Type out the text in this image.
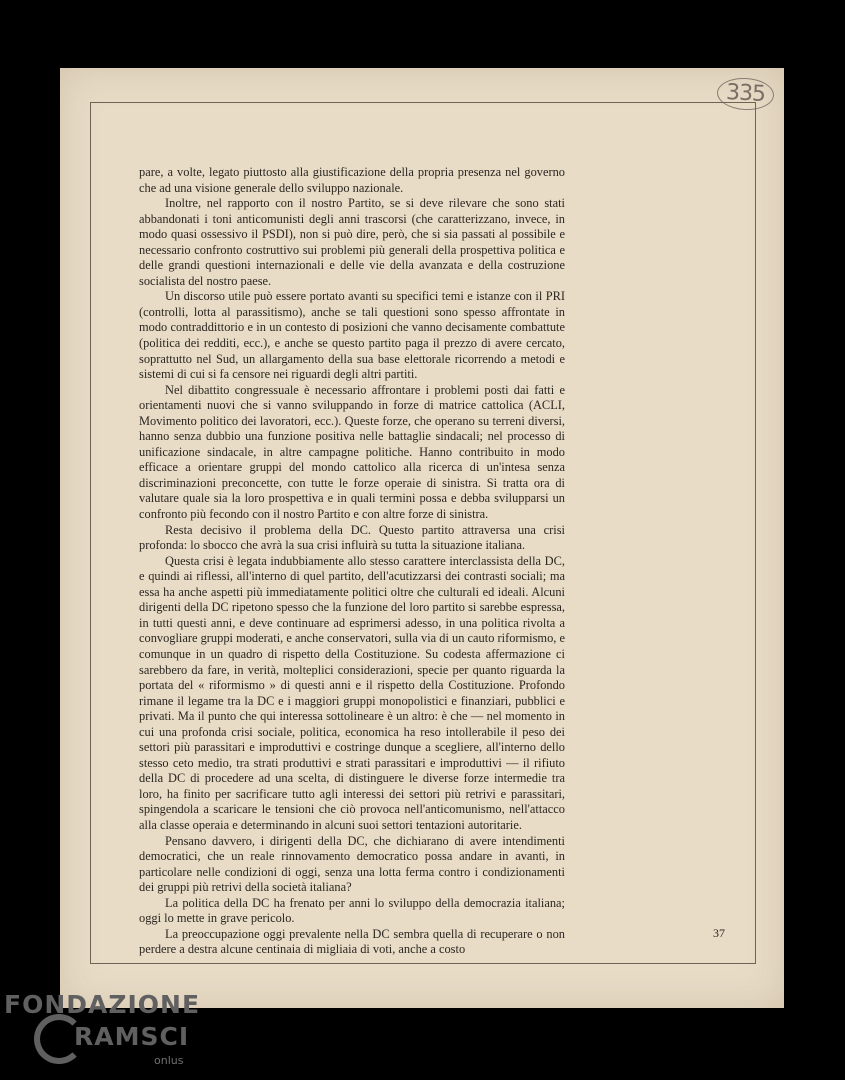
335

pare, a volte, legato piuttosto alla giustificazione della propria presenza nel governo che ad una visione generale dello sviluppo nazionale.

Inoltre, nel rapporto con il nostro Partito, se si deve rilevare che sono stati abbandonati i toni anticomunisti degli anni trascorsi (che caratterizzano, invece, in modo quasi ossessivo il PSDI), non si può dire, però, che si sia passati al possibile e necessario confronto costruttivo sui problemi più generali della prospettiva politica e delle grandi questioni internazionali e delle vie della avanzata e della costruzione socialista del nostro paese.

Un discorso utile può essere portato avanti su specifici temi e istanze con il PRI (controlli, lotta al parassitismo), anche se tali questioni sono spesso affrontate in modo contraddittorio e in un contesto di posizioni che vanno decisamente combattute (politica dei redditi, ecc.), e anche se questo partito paga il prezzo di avere cercato, soprattutto nel Sud, un allargamento della sua base elettorale ricorrendo a metodi e sistemi di cui si fa censore nei riguardi degli altri partiti.

Nel dibattito congressuale è necessario affrontare i problemi posti dai fatti e orientamenti nuovi che si vanno sviluppando in forze di matrice cattolica (ACLI, Movimento politico dei lavoratori, ecc.). Queste forze, che operano su terreni diversi, hanno senza dubbio una funzione positiva nelle battaglie sindacali; nel processo di unificazione sindacale, in altre campagne politiche. Hanno contribuito in modo efficace a orientare gruppi del mondo cattolico alla ricerca di un'intesa senza discriminazioni preconcette, con tutte le forze operaie di sinistra. Si tratta ora di valutare quale sia la loro prospettiva e in quali termini possa e debba svilupparsi un confronto più fecondo con il nostro Partito e con altre forze di sinistra.

Resta decisivo il problema della DC. Questo partito attraversa una crisi profonda: lo sbocco che avrà la sua crisi influirà su tutta la situazione italiana.

Questa crisi è legata indubbiamente allo stesso carattere interclassista della DC, e quindi ai riflessi, all'interno di quel partito, dell'acutizzarsi dei contrasti sociali; ma essa ha anche aspetti più immediatamente politici oltre che culturali ed ideali. Alcuni dirigenti della DC ripetono spesso che la funzione del loro partito si sarebbe espressa, in tutti questi anni, e deve continuare ad esprimersi adesso, in una politica rivolta a convogliare gruppi moderati, e anche conservatori, sulla via di un cauto riformismo, e comunque in un quadro di rispetto della Costituzione. Su codesta affermazione ci sarebbero da fare, in verità, molteplici considerazioni, specie per quanto riguarda la portata del « riformismo » di questi anni e il rispetto della Costituzione. Profondo rimane il legame tra la DC e i maggiori gruppi monopolistici e finanziari, pubblici e privati. Ma il punto che qui interessa sottolineare è un altro: è che — nel momento in cui una profonda crisi sociale, politica, economica ha reso intollerabile il peso dei settori più parassitari e improduttivi e costringe dunque a scegliere, all'interno dello stesso ceto medio, tra strati produttivi e strati parassitari e improduttivi — il rifiuto della DC di procedere ad una scelta, di distinguere le diverse forze intermedie tra loro, ha finito per sacrificare tutto agli interessi dei settori più retrivi e parassitari, spingendola a scaricare le tensioni che ciò provoca nell'anticomunismo, nell'attacco alla classe operaia e determinando in alcuni suoi settori tentazioni autoritarie.

Pensano davvero, i dirigenti della DC, che dichiarano di avere intendimenti democratici, che un reale rinnovamento democratico possa andare in avanti, in particolare nelle condizioni di oggi, senza una lotta ferma contro i condizionamenti dei gruppi più retrivi della società italiana?

La politica della DC ha frenato per anni lo sviluppo della democrazia italiana; oggi lo mette in grave pericolo.

La preoccupazione oggi prevalente nella DC sembra quella di recuperare o non perdere a destra alcune centinaia di migliaia di voti, anche a costo

37
FONDAZIONE
RAMSCI
onlus
